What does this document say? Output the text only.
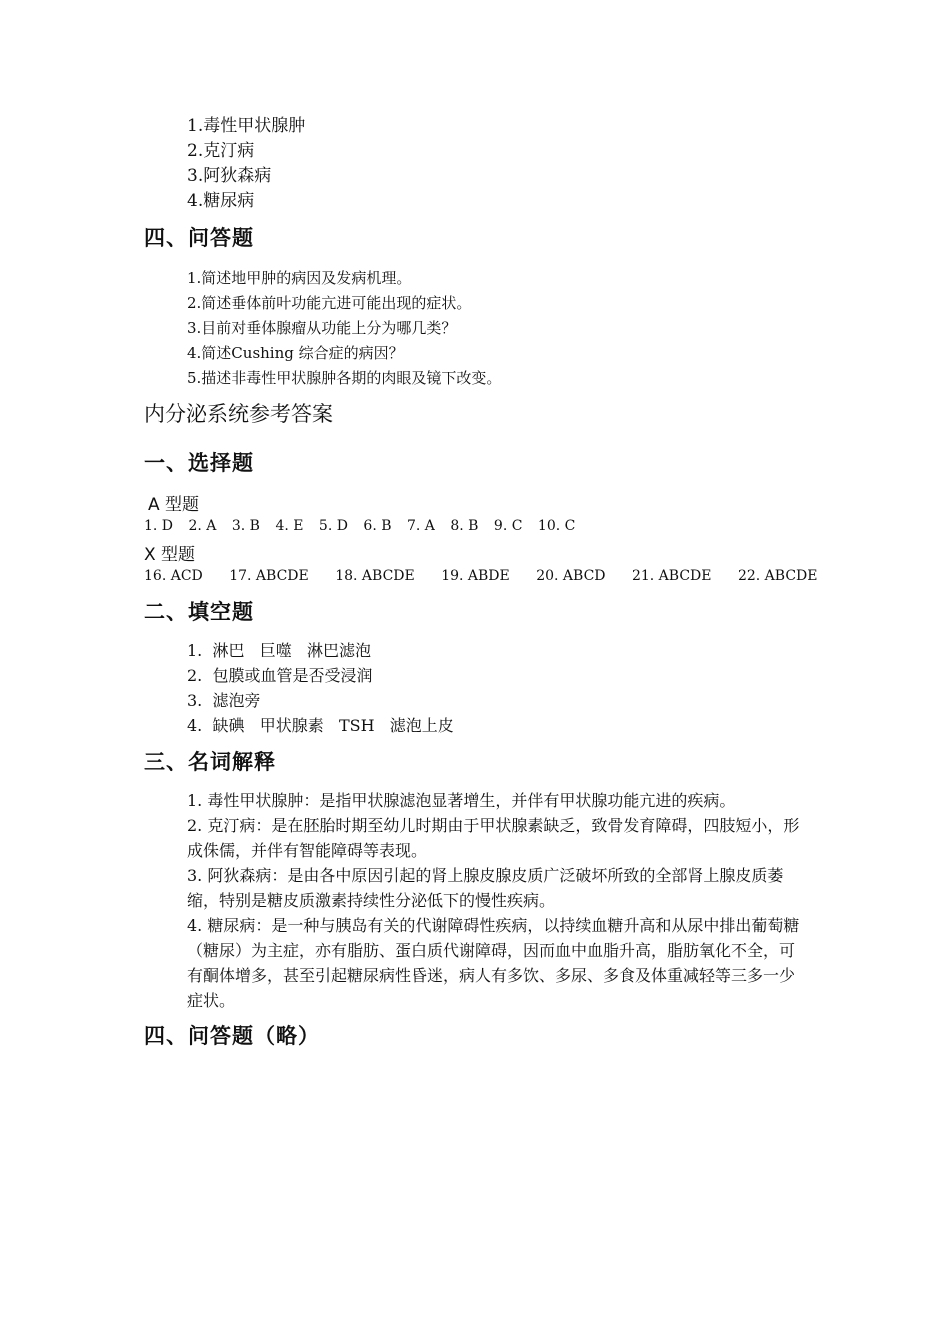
1.毒性甲状腺肿
2.克汀病
3.阿狄森病
4.糖尿病
四、问答题
1.简述地甲肿的病因及发病机理。
2.简述垂体前叶功能亢进可能出现的症状。
3.目前对垂体腺瘤从功能上分为哪几类？
4.简述Cushing 综合症的病因？
5.描述非毒性甲状腺肿各期的肉眼及镜下改变。
内分泌系统参考答案
一、选择题
A 型题
1. D 2. A 3. B 4. E 5. D 6. B 7. A 8. B 9. C 10. C
X 型题
16. ACD 17. ABCDE 18. ABCDE 19. ABDE 20. ABCD 21. ABCDE 22. ABCDE
二、填空题
1.  淋巴   巨噬   淋巴滤泡
2.  包膜或血管是否受浸润
3.  滤泡旁
4.  缺碘   甲状腺素   TSH   滤泡上皮
三、名词解释
1. 毒性甲状腺肿：是指甲状腺滤泡显著增生，并伴有甲状腺功能亢进的疾病。
2. 克汀病：是在胚胎时期至幼儿时期由于甲状腺素缺乏，致骨发育障碍，四肢短小，形成侏儒，并伴有智能障碍等表现。
3. 阿狄森病：是由各中原因引起的肾上腺皮腺皮质广泛破坏所致的全部肾上腺皮质萎缩，特别是糖皮质激素持续性分泌低下的慢性疾病。
4. 糖尿病：是一种与胰岛有关的代谢障碍性疾病，以持续血糖升高和从尿中排出葡萄糖（糖尿）为主症，亦有脂肪、蛋白质代谢障碍，因而血中血脂升高，脂肪氧化不全，可有酮体增多，甚至引起糖尿病性昏迷，病人有多饮、多尿、多食及体重减轻等三多一少症状。
四、问答题（略）
